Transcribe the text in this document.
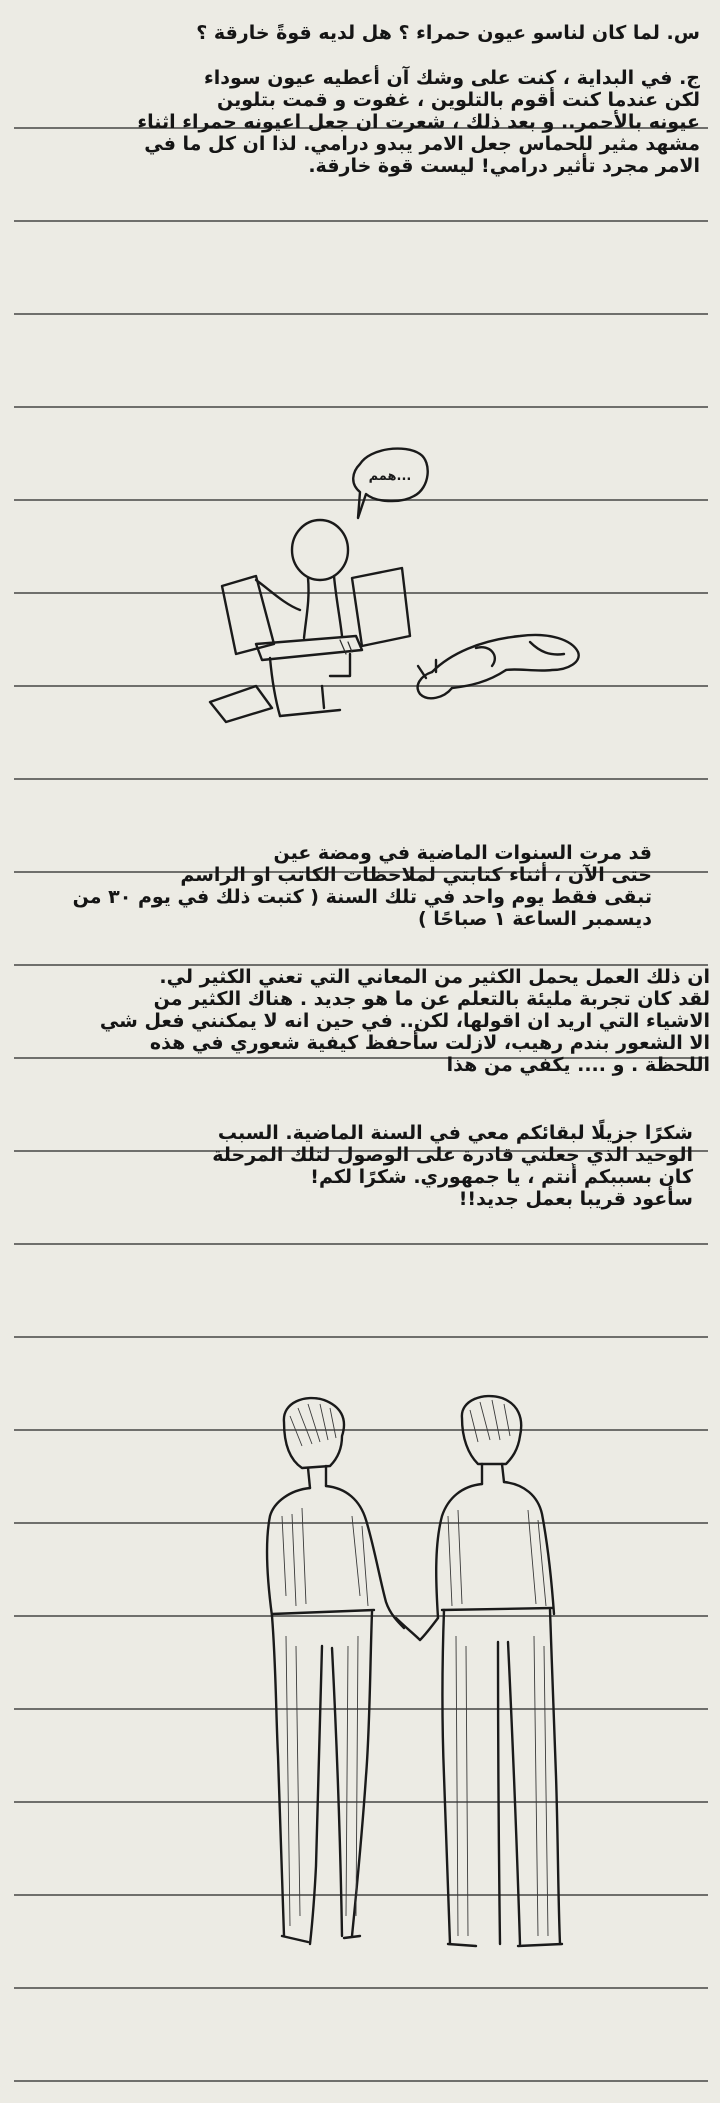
س. لما كان لناسو عيون حمراء ؟ هل لديه قوةً خارقة ؟
ج. في البداية ، كنت على وشك آن أعطيه عيون سوداء
لكن عندما كنت أقوم بالتلوين ، غفوت و قمت بتلوين
عيونه بالأحمر.. و بعد ذلك ، شعرت ان جعل اعيونه حمراء اثناء
مشهد مثير للحماس جعل الامر يبدو درامي. لذا ان كل ما في
الامر مجرد تأثير درامي! ليست قوة خارقة.
همم...
قد مرت السنوات الماضية في ومضة عين
حتى الآن ، أثناء كتابتي لملاحظات الكاتب او الراسم
تبقى فقط يوم واحد في تلك السنة ( كتبت ذلك في يوم ٣٠ من
ديسمبر الساعة ١ صباحًا )
ان ذلك العمل يحمل الكثير من المعاني التي تعني الكثير لي.
لقد كان تجربة مليئة بالتعلم عن ما هو جديد . هناك الكثير من
الاشياء التي اريد ان اقولها، لكن.. في حين انه لا يمكنني فعل شي
الا الشعور بندم رهيب، لازلت سأحفظ كيفية شعوري في هذه
اللحظة . و .... يكفي من هذا
شكرًا جزيلًا لبقائكم معي في السنة الماضية. السبب
الوحيد الذي جعلني قادرة على الوصول لتلك المرحلة
كان بسببكم أنتم ، يا جمهوري. شكرًا لكم!
سأعود قريبا بعمل جديد!!
